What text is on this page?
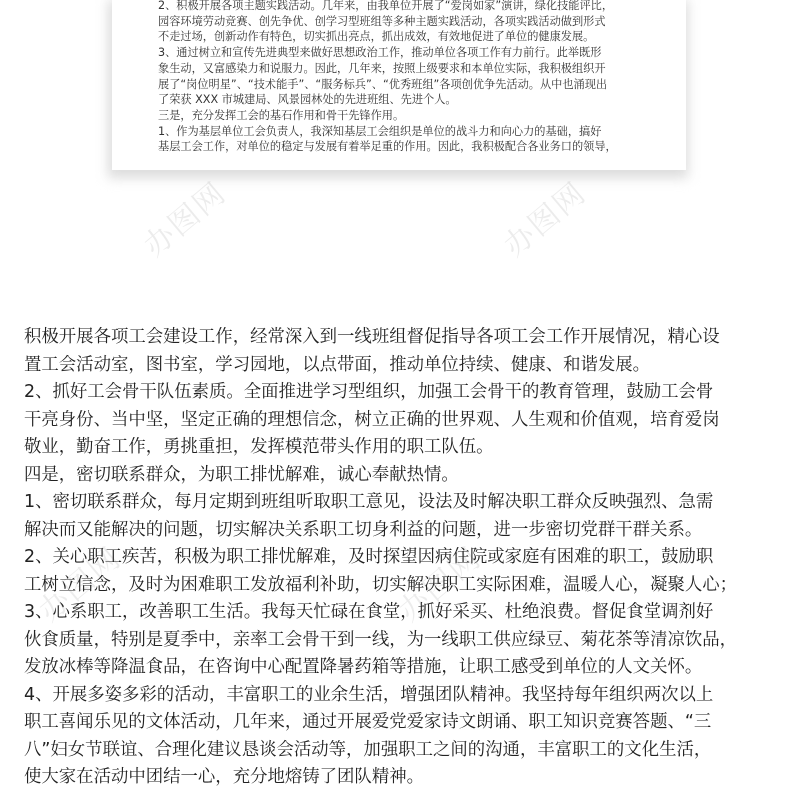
2、积极开展各项主题实践活动。几年来，由我单位开展了“爱岗如家”演讲，绿化技能评比，

园容环境劳动竞赛、创先争优、创学习型班组等多种主题实践活动，各项实践活动做到形式

不走过场，创新动作有特色，切实抓出亮点，抓出成效，有效地促进了单位的健康发展。

3、通过树立和宣传先进典型来做好思想政治工作，推动单位各项工作有力前行。此举既形

象生动，又富感染力和说服力。因此，几年来，按照上级要求和本单位实际，我积极组织开

展了“岗位明星”、“技术能手”、“服务标兵”、“优秀班组”各项创优争先活动。从中也涌现出

了荣获 XXX 市城建局、风景园林处的先进班组、先进个人。

三是，充分发挥工会的基石作用和骨干先锋作用。

1、作为基层单位工会负责人，我深知基层工会组织是单位的战斗力和向心力的基础，搞好

基层工会工作，对单位的稳定与发展有着举足重的作用。因此，我积极配合各业务口的领导，

办图网	办图网
办图网	办图网

积极开展各项工会建设工作，经常深入到一线班组督促指导各项工会工作开展情况，精心设

置工会活动室，图书室，学习园地，以点带面，推动单位持续、健康、和谐发展。

2、抓好工会骨干队伍素质。全面推进学习型组织，加强工会骨干的教育管理，鼓励工会骨

干亮身份、当中坚，坚定正确的理想信念，树立正确的世界观、人生观和价值观，培育爱岗

敬业，勤奋工作，勇挑重担，发挥模范带头作用的职工队伍。

四是，密切联系群众，为职工排忧解难，诚心奉献热情。

1、密切联系群众，每月定期到班组听取职工意见，设法及时解决职工群众反映强烈、急需

解决而又能解决的问题，切实解决关系职工切身利益的问题，进一步密切党群干群关系。

2、关心职工疾苦，积极为职工排忧解难，及时探望因病住院或家庭有困难的职工，鼓励职

工树立信念，及时为困难职工发放福利补助，切实解决职工实际困难，温暖人心，凝聚人心；

3、心系职工，改善职工生活。我每天忙碌在食堂，抓好采买、杜绝浪费。督促食堂调剂好

伙食质量，特别是夏季中，亲率工会骨干到一线，为一线职工供应绿豆、菊花茶等清凉饮品，

发放冰棒等降温食品，在咨询中心配置降暑药箱等措施，让职工感受到单位的人文关怀。

4、开展多姿多彩的活动，丰富职工的业余生活，增强团队精神。我坚持每年组织两次以上

职工喜闻乐见的文体活动，几年来，通过开展爱党爱家诗文朗诵、职工知识竞赛答题、“三

八”妇女节联谊、合理化建议恳谈会活动等，加强职工之间的沟通，丰富职工的文化生活，

使大家在活动中团结一心，充分地熔铸了团队精神。
